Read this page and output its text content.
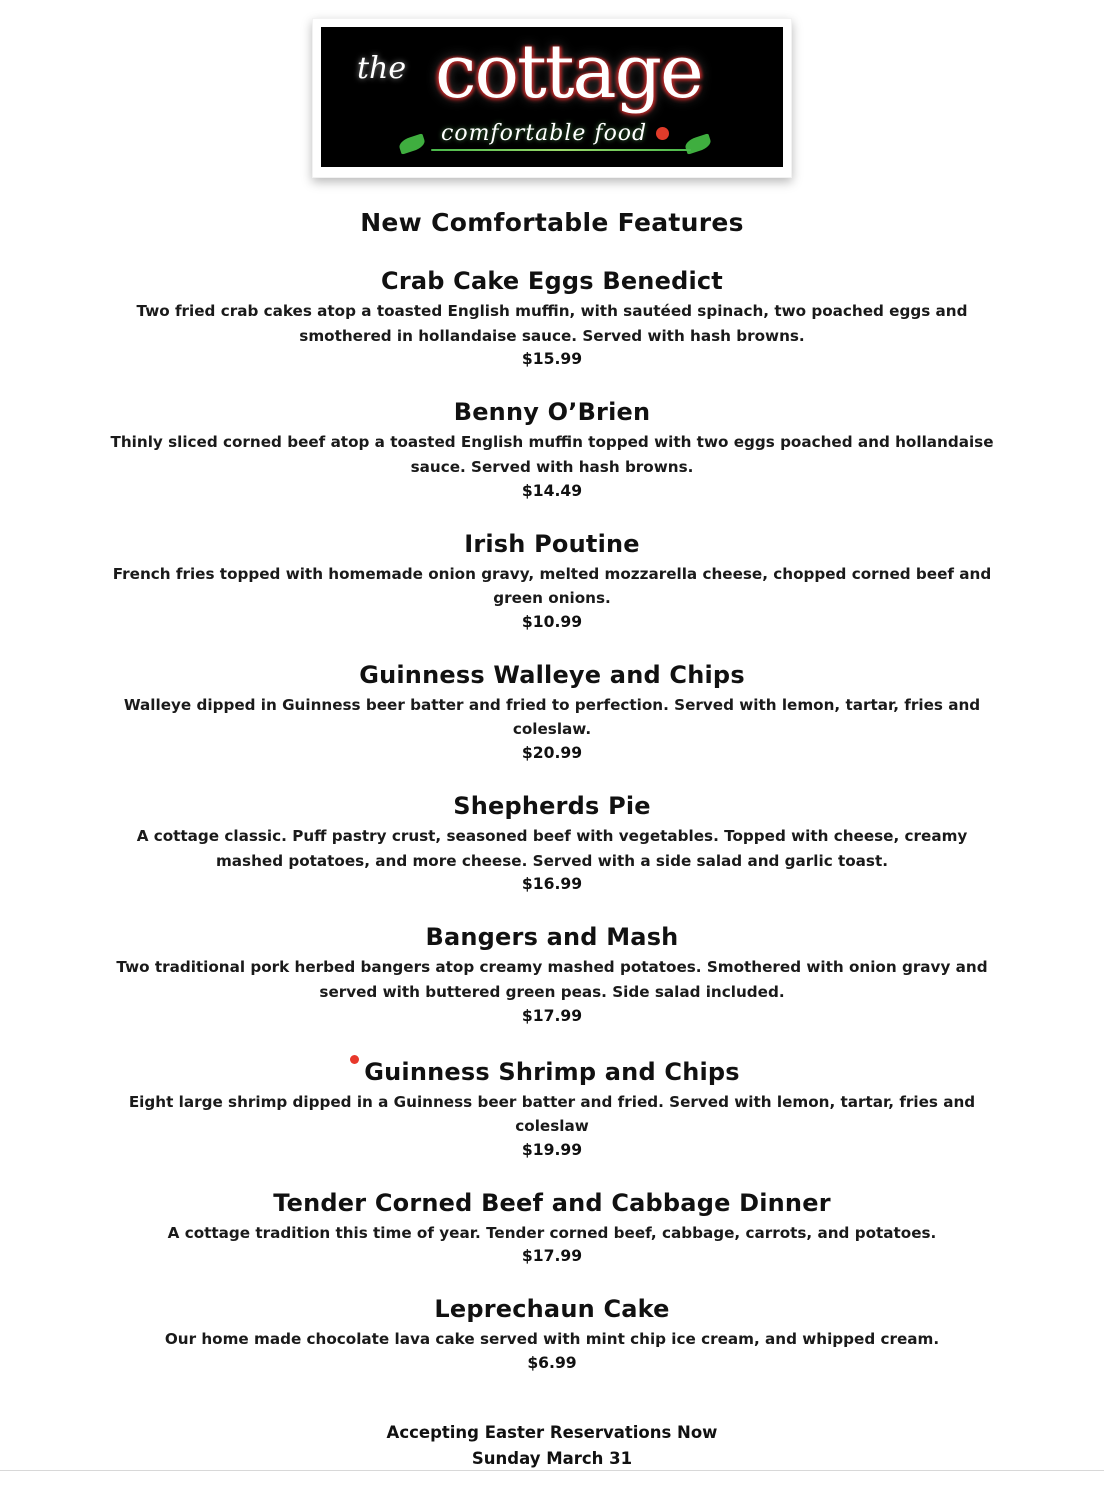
the cottage
comfortable food
New Comfortable Features
Crab Cake Eggs Benedict
Two fried crab cakes atop a toasted English muffin, with sautéed spinach, two poached eggs and smothered in hollandaise sauce. Served with hash browns.
$15.99
Benny O’Brien
Thinly sliced corned beef atop a toasted English muffin topped with two eggs poached and hollandaise sauce. Served with hash browns.
$14.49
Irish Poutine
French fries topped with homemade onion gravy, melted mozzarella cheese, chopped corned beef and green onions.
$10.99
Guinness Walleye and Chips
Walleye dipped in Guinness beer batter and fried to perfection. Served with lemon, tartar, fries and coleslaw.
$20.99
Shepherds Pie
A cottage classic. Puff pastry crust, seasoned beef with vegetables. Topped with cheese, creamy mashed potatoes, and more cheese. Served with a side salad and garlic toast.
$16.99
Bangers and Mash
Two traditional pork herbed bangers atop creamy mashed potatoes. Smothered with onion gravy and served with buttered green peas. Side salad included.
$17.99
Guinness Shrimp and Chips
Eight large shrimp dipped in a Guinness beer batter and fried. Served with lemon, tartar, fries and coleslaw
$19.99
Tender Corned Beef and Cabbage Dinner
A cottage tradition this time of year. Tender corned beef, cabbage, carrots, and potatoes.
$17.99
Leprechaun Cake
Our home made chocolate lava cake served with mint chip ice cream, and whipped cream.
$6.99
Accepting Easter Reservations Now
Sunday March 31
